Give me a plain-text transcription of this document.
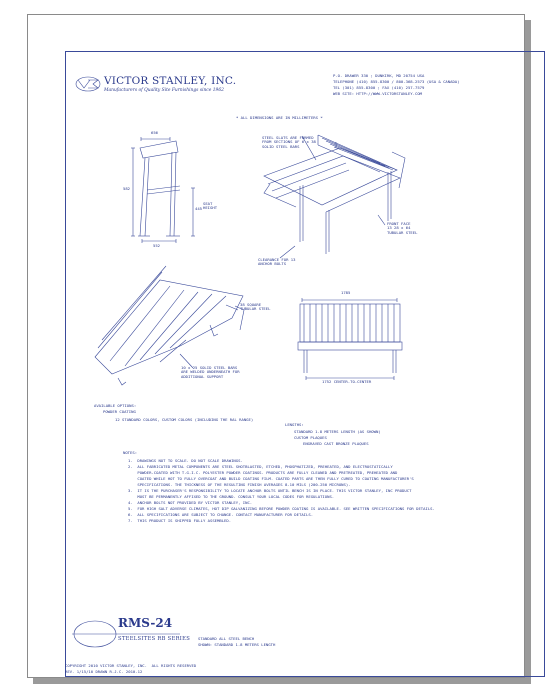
VICTOR STANLEY, INC.
Manufacturers of Quality Site Furnishings since 1962
P.O. DRAWER 330 ; DUNKIRK, MD 20754 USA
TELEPHONE (410) 855-8300 / 800-368-2573 (USA & CANADA)
TEL (301) 855-8300 ; FAX (410) 257-7579
WEB SITE: HTTP://WWW.VICTORSTANLEY.COM
* ALL DIMENSIONS ARE IN MILLIMETERS *
656
582
445
SEAT
HEIGHT
552
STEEL SLATS ARE FORMED
FROM SECTIONS OF 6 x 38
SOLID STEEL BARS
FRONT FACE
13 28 x 64
TUBULAR STEEL
CLEARANCE FOR 13
ANCHOR BOLTS
38 SQUARE
TUBULAR STEEL
10 x 25 SOLID STEEL BARS
ARE WELDED UNDERNEATH FOR
ADDITIONAL SUPPORT
1785
1752 CENTER-TO-CENTER
AVAILABLE OPTIONS:
POWDER COATING
12 STANDARD COLORS, CUSTOM COLORS (INCLUDING THE RAL RANGE)
LENGTHS:
STANDARD 1.8 METERS LENGTH (AS SHOWN)
CUSTOM PLAQUES
ENGRAVED CAST BRONZE PLAQUES
NOTES:
1.  DRAWINGS NOT TO SCALE. DO NOT SCALE DRAWINGS.
2.  ALL FABRICATED METAL COMPONENTS ARE STEEL SHOTBLASTED, ETCHED, PHOSPHATIZED, PREHEATED, AND ELECTROSTATICALLY
POWDER-COATED WITH T.G.I.C. POLYESTER POWDER COATINGS. PRODUCTS ARE FULLY CLEANED AND PRETREATED, PREHEATED AND
COATED WHILE HOT TO FULLY OVERCOAT AND BUILD COATING FILM. COATED PARTS ARE THEN FULLY CURED TO COATING MANUFACTURER'S
SPECIFICATIONS. THE THICKNESS OF THE RESULTING FINISH AVERAGES 8-10 MILS (200-250 MICRONS).
3.  IT IS THE PURCHASER'S RESPONSIBILITY TO LOCATE ANCHOR BOLTS UNTIL BENCH IS IN PLACE. THIS VICTOR STANLEY, INC PRODUCT
MUST BE PERMANENTLY AFFIXED TO THE GROUND. CONSULT YOUR LOCAL CODES FOR REGULATIONS.
4.  ANCHOR BOLTS NOT PROVIDED BY VICTOR STANLEY, INC.
5.  FOR HIGH SALT ADVERSE CLIMATES, HOT DIP GALVANIZING BEFORE POWDER COATING IS AVAILABLE. SEE WRITTEN SPECIFICATIONS FOR DETAILS.
6.  ALL SPECIFICATIONS ARE SUBJECT TO CHANGE. CONTACT MANUFACTURER FOR DETAILS.
7.  THIS PRODUCT IS SHIPPED FULLY ASSEMBLED.
RMS-24
STEELSITES RB SERIES STANDARD ALL STEEL BENCH
SHOWN: STANDARD 1.8 METERS LENGTH
COPYRIGHT 2010 VICTOR STANLEY, INC.  ALL RIGHTS RESERVED
REV. 1/15/10 DRAWN R.J.C. 2010-12
